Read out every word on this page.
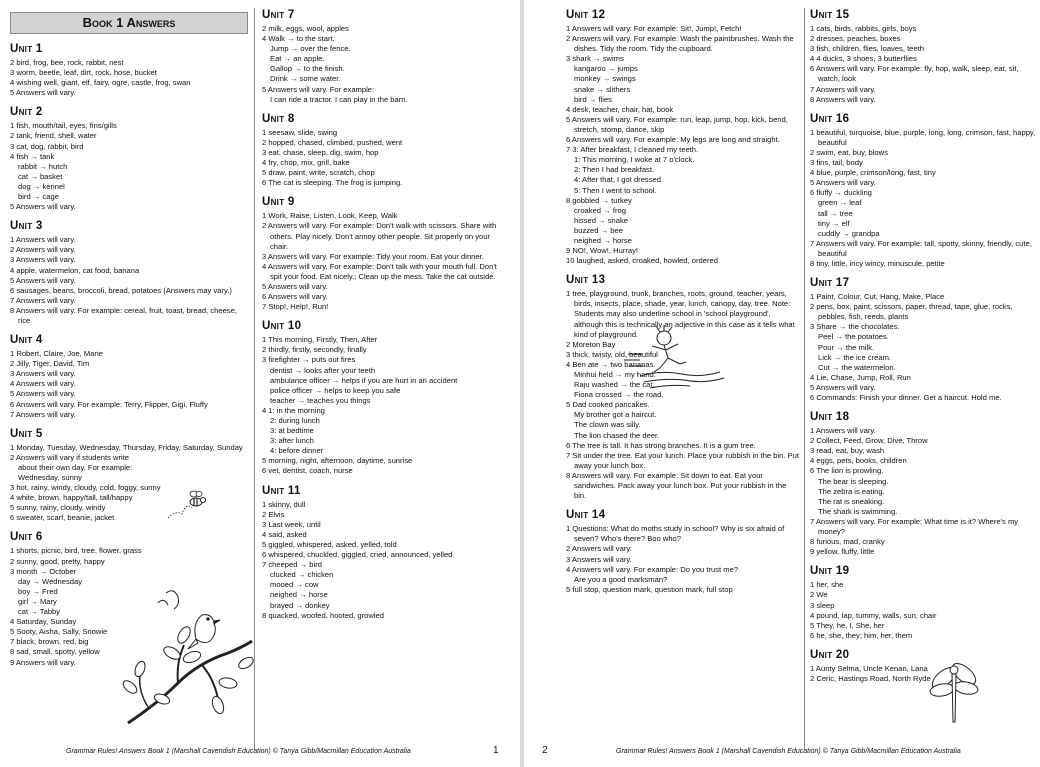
Book 1 Answers
Unit 1
2 bird, frog, bee, rock, rabbit, nest
3 worm, beetle, leaf, dirt, rock, hose, bucket
4 wishing well, giant, elf, fairy, ogre, castle, frog, swan
5 Answers will vary.
Unit 2
1 fish, mouth/tail, eyes, fins/gills
2 tank, friend, shell, water
3 cat, dog, rabbit, bird
4 fish → tank
rabbit → hutch
cat → basket
dog → kennel
bird → cage
5 Answers will vary.
Unit 3
1 Answers will vary.
2 Answers will vary.
3 Answers will vary.
4 apple, watermelon, cat food, banana
5 Answers will vary.
6 sausages, beans, broccoli, bread, potatoes (Answers may vary.)
7 Answers will vary.
8 Answers will vary. For example: cereal, fruit, toast, bread, cheese, rice
Unit 4
1 Robert, Claire, Joe, Marie
2 Jilly, Tiger, David, Tim
3 Answers will vary.
4 Answers will vary.
5 Answers will vary.
6 Answers will vary. For example: Terry, Flipper, Gigi, Fluffy
7 Answers will vary.
Unit 5
1 Monday, Tuesday, Wednesday, Thursday, Friday, Saturday, Sunday
2 Answers will vary if students write
about their own day. For example:
Wednesday, sunny
3 hot, rainy, windy, cloudy, cold, foggy, sunny
4 white, brown, happy/tall, tall/happy
5 sunny, rainy, cloudy, windy
6 sweater, scarf, beanie, jacket
Unit 6
1 shorts, picnic, bird, tree, flower, grass
2 sunny, good, pretty, happy
3 month → October
day → Wednesday
boy → Fred
girl → Mary
cat → Tabby
4 Saturday, Sunday
5 Sooty, Aisha, Sally, Snowie
7 black, brown, red, big
8 sad, small, spotty, yellow
9 Answers will vary.
Unit 7
2 milk, eggs, wool, apples
4 Walk → to the start.
Jump → over the fence.
Eat → an apple.
Gallop → to the finish.
Drink → some water.
5 Answers will vary. For example:
I can ride a tractor. I can play in the barn.
Unit 8
1 seesaw, slide, swing
2 hopped, chased, climbed, pushed, went
3 eat, chase, sleep, dig, swim, hop
4 fry, chop, mix, grill, bake
5 draw, paint, write, scratch, chop
6 The cat is sleeping. The frog is jumping.
Unit 9
1 Work, Raise, Listen, Look, Keep, Walk
2 Answers will vary. For example: Don't walk with scissors. Share with others. Play nicely. Don't annoy other people. Sit properly on your chair.
3 Answers will vary. For example: Tidy your room. Eat your dinner.
4 Answers will vary. For example: Don't talk with your mouth full. Don't spit your food. Eat nicely.; Clean up the mess. Take the cat outside.
5 Answers will vary.
6 Answers will vary.
7 Stop!, Help!, Run!
Unit 10
1 This morning, Firstly, Then, After
2 thirdly, firstly, secondly, finally
3 firefighter → puts out fires
dentist → looks after your teeth
ambulance officer → helps if you are hurt in an accident
police officer → helps to keep you safe
teacher → teaches you things
4 1: in the morning
2: during lunch
3: at bedtime
3: after lunch
4: before dinner
5 morning, night, afternoon, daytime, sunrise
6 vet, dentist, coach, nurse
Unit 11
1 skinny, dull
2 Elvis
3 Last week, until
4 said, asked
5 giggled, whispered, asked, yelled, told
6 whispered, chuckled, giggled, cried, announced, yelled
7 cheeped → bird
clucked → chicken
mooed → cow
neighed → horse
brayed → donkey
8 quacked, woofed, hooted, growled
Grammar Rules! Answers Book 1 (Marshall Cavendish Education) © Tanya Gibb/Macmillan Education Australia	1
Unit 12
1 Answers will vary. For example: Sit!, Jump!, Fetch!
2 Answers will vary. For example: Wash the paintbrushes. Wash the dishes. Tidy the room. Tidy the cupboard.
3 shark → swims
kangaroo → jumps
monkey → swings
snake → slithers
bird → flies
4 desk, teacher, chair, hat, book
5 Answers will vary. For example: run, leap, jump, hop, kick, bend, stretch, stomp, dance, skip
6 Answers will vary. For example: My legs are long and straight.
7 3: After breakfast, I cleaned my teeth.
1: This morning, I woke at 7 o'clock.
2: Then I had breakfast.
4: After that, I got dressed.
5: Then I went to school.
8 gobbled → turkey
croaked → frog
hissed → snake
buzzed → bee
neighed → horse
9 NO!, Wow!, Hurray!
10 laughed, asked, croaked, howled, ordered
Unit 13
1 tree, playground, trunk, branches, roots, ground, teacher, years, birds, insects, place, shade, year, lunch, canopy, day, tree. Note: Students may also underline school in 'school playground', although this is technically an adjective in this case as it tells what kind of playground.
2 Moreton Bay
3 thick, twisty, old, beautiful
4 Ben ate → two bananas.
Minhui held → my hand.
Raju washed → the car.
Fiona crossed → the road.
5 Dad cooked pancakes.
My brother got a haircut.
The clown was silly.
The lion chased the deer.
6 The tree is tall. It has strong branches. It is a gum tree.
7 Sit under the tree. Eat your lunch. Place your rubbish in the bin. Put away your lunch box.
8 Answers will vary. For example: Sit down to eat. Eat your sandwiches. Pack away your lunch box. Put your rubbish in the bin.
Unit 14
1 Questions: What do moths study in school? Why is six afraid of seven? Who's there? Boo who?
2 Answers will vary.
3 Answers will vary.
4 Answers will vary. For example: Do you trust me?
Are you a good marksman?
5 full stop, question mark, question mark, full stop
Unit 15
1 cats, birds, rabbits, girls, boys
2 dresses, peaches, boxes
3 fish, children, flies, loaves, teeth
4 4 ducks, 3 shoes, 3 butterflies
6 Answers will vary. For example: fly, hop, walk, sleep, eat, sit, watch, look
7 Answers will vary.
8 Answers will vary.
Unit 16
1 beautiful, turquoise, blue, purple, long, long, crimson, fast, happy, beautiful
2 swim, eat, buy, blows
3 fins, tail, body
4 blue, purple, crimson/long, fast, tiny
5 Answers will vary.
6 fluffy → duckling
green → leaf
tall → tree
tiny → elf
cuddly → grandpa
7 Answers will vary. For example: tall, spotty, skinny, friendly, cute, beautiful
8 tiny, little, incy wincy, minuscule, petite
Unit 17
1 Paint, Colour, Cut, Hang, Make, Place
2 pens, box, paint, scissors, paper, thread, tape, glue, rocks, pebbles, fish, reeds, plants
3 Share → the chocolates.
Peel → the potatoes.
Pour → the milk.
Lick → the ice cream.
Cut → the watermelon.
4 Lie, Chase, Jump, Roll, Run
5 Answers will vary.
6 Commands: Finish your dinner. Get a haircut. Hold me.
Unit 18
1 Answers will vary.
2 Collect, Feed, Grow, Dive, Throw
3 read, eat, buy, wash
4 eggs, pets, books, children
6 The lion is prowling.
The bear is sleeping.
The zebra is eating.
The rat is sneaking.
The shark is swimming.
7 Answers will vary. For example: What time is it? Where's my money?
8 furious, mad, cranky
9 yellow, fluffy, little
Unit 19
1 her, she
2 We
3 sleep
4 pound, lap, tummy, walls, sun, chair
5 They, he, I, She, her
6 he, she, they; him, her, them
Unit 20
1 Aunty Selma, Uncle Kenan, Lana
2 Ceric, Hastings Road, North Ryde
2	Grammar Rules! Answers Book 1 (Marshall Cavendish Education) © Tanya Gibb/Macmillan Education Australia
